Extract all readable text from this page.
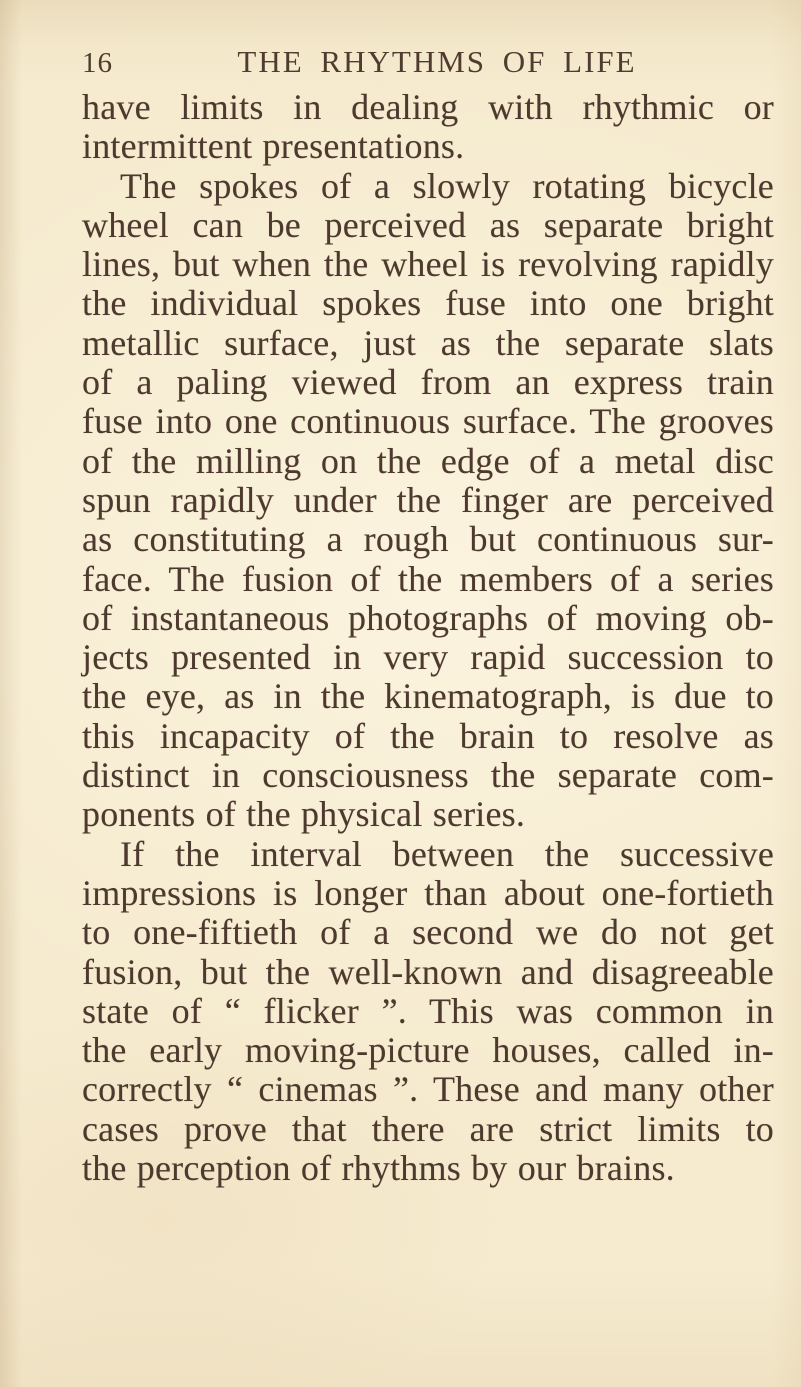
16	THE RHYTHMS OF LIFE
have limits in dealing with rhythmic or
intermittent presentations.
The spokes of a slowly rotating bicycle
wheel can be perceived as separate bright
lines, but when the wheel is revolving rapidly
the individual spokes fuse into one bright
metallic surface, just as the separate slats
of a paling viewed from an express train
fuse into one continuous surface. The grooves
of the milling on the edge of a metal disc
spun rapidly under the finger are perceived
as constituting a rough but continuous sur-
face. The fusion of the members of a series
of instantaneous photographs of moving ob-
jects presented in very rapid succession to
the eye, as in the kinematograph, is due to
this incapacity of the brain to resolve as
distinct in consciousness the separate com-
ponents of the physical series.
If the interval between the successive
impressions is longer than about one-fortieth
to one-fiftieth of a second we do not get
fusion, but the well-known and disagreeable
state of “ flicker ”. This was common in
the early moving-picture houses, called in-
correctly “ cinemas ”. These and many other
cases prove that there are strict limits to
the perception of rhythms by our brains.
